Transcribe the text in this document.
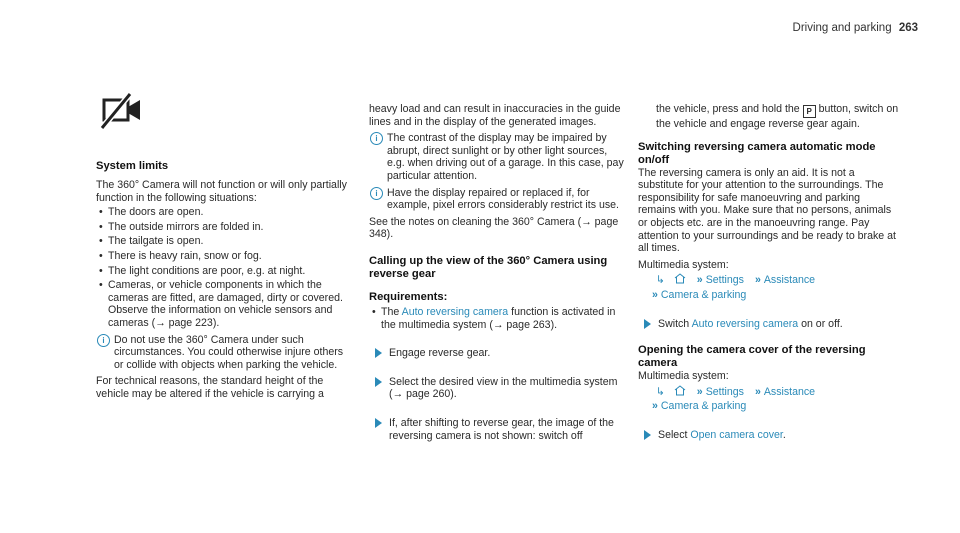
Driving and parking 263
System limits

The 360° Camera will not function or will only partially function in the following situations:

• The doors are open.
• The outside mirrors are folded in.
• The tailgate is open.
• There is heavy rain, snow or fog.
• The light conditions are poor, e.g. at night.
• Cameras, or vehicle components in which the cameras are fitted, are damaged, dirty or covered. Observe the information on vehicle sensors and cameras (→ page 223).
i Do not use the 360° Camera under such circumstances. You could otherwise injure others or collide with objects when parking the vehicle.

For technical reasons, the standard height of the vehicle may be altered if the vehicle is carrying a

heavy load and can result in inaccuracies in the guide lines and in the display of the generated images.

i The contrast of the display may be impaired by abrupt, direct sunlight or by other light sources, e.g. when driving out of a garage. In this case, pay particular attention.
i Have the display repaired or replaced if, for example, pixel errors considerably restrict its use.

See the notes on cleaning the 360° Camera (→ page 348).

Calling up the view of the 360° Camera using reverse gear
Requirements:
• The Auto reversing camera function is activated in the multimedia system (→ page 263).
Engage reverse gear.
Select the desired view in the multimedia system (→ page 260).
If, after shifting to reverse gear, the image of the reversing camera is not shown: switch off
the vehicle, press and hold the P button, switch on the vehicle and engage reverse gear again.
Switching reversing camera automatic mode on/off

The reversing camera is only an aid. It is not a substitute for your attention to the surroundings. The responsibility for safe manoeuvring and parking remains with you. Make sure that no persons, animals or objects etc. are in the manoeuvring range. Pay attention to your surroundings and be ready to brake at all times.

Multimedia system:

↳	» Settings » Assistance
» Camera & parking
Switch Auto reversing camera on or off.
Opening the camera cover of the reversing camera

Multimedia system:

↳	» Settings » Assistance
» Camera & parking
Select Open camera cover.
